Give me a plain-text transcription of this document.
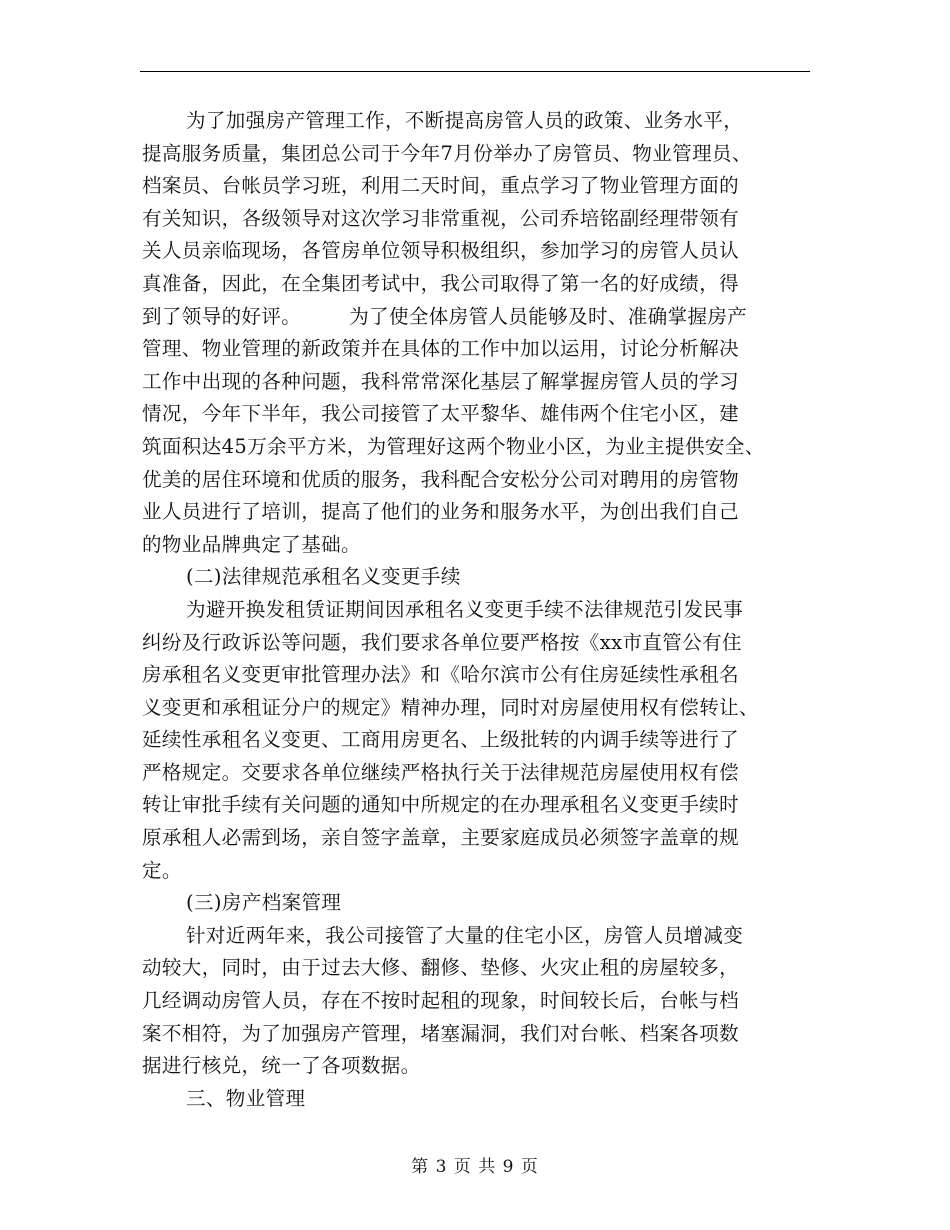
为了加强房产管理工作，不断提高房管人员的政策、业务水平，
提高服务质量，集团总公司于今年7月份举办了房管员、物业管理员、
档案员、台帐员学习班，利用二天时间，重点学习了物业管理方面的
有关知识，各级领导对这次学习非常重视，公司乔培铭副经理带领有
关人员亲临现场，各管房单位领导积极组织，参加学习的房管人员认
真准备，因此，在全集团考试中，我公司取得了第一名的好成绩，得
到了领导的好评。 为了使全体房管人员能够及时、准确掌握房产
管理、物业管理的新政策并在具体的工作中加以运用，讨论分析解决
工作中出现的各种问题，我科常常深化基层了解掌握房管人员的学习
情况，今年下半年，我公司接管了太平黎华、雄伟两个住宅小区，建
筑面积达45万余平方米，为管理好这两个物业小区，为业主提供安全、
优美的居住环境和优质的服务，我科配合安松分公司对聘用的房管物
业人员进行了培训，提高了他们的业务和服务水平，为创出我们自己
的物业品牌典定了基础。
(二)法律规范承租名义变更手续
为避开换发租赁证期间因承租名义变更手续不法律规范引发民事
纠纷及行政诉讼等问题，我们要求各单位要严格按《xx市直管公有住
房承租名义变更审批管理办法》和《哈尔滨市公有住房延续性承租名
义变更和承租证分户的规定》精神办理，同时对房屋使用权有偿转让、
延续性承租名义变更、工商用房更名、上级批转的内调手续等进行了
严格规定。交要求各单位继续严格执行关于法律规范房屋使用权有偿
转让审批手续有关问题的通知中所规定的在办理承租名义变更手续时
原承租人必需到场，亲自签字盖章，主要家庭成员必须签字盖章的规
定。
(三)房产档案管理
针对近两年来，我公司接管了大量的住宅小区，房管人员增减变
动较大，同时，由于过去大修、翻修、垫修、火灾止租的房屋较多，
几经调动房管人员，存在不按时起租的现象，时间较长后，台帐与档
案不相符，为了加强房产管理，堵塞漏洞，我们对台帐、档案各项数
据进行核兑，统一了各项数据。
三、物业管理
第 3 页 共 9 页
